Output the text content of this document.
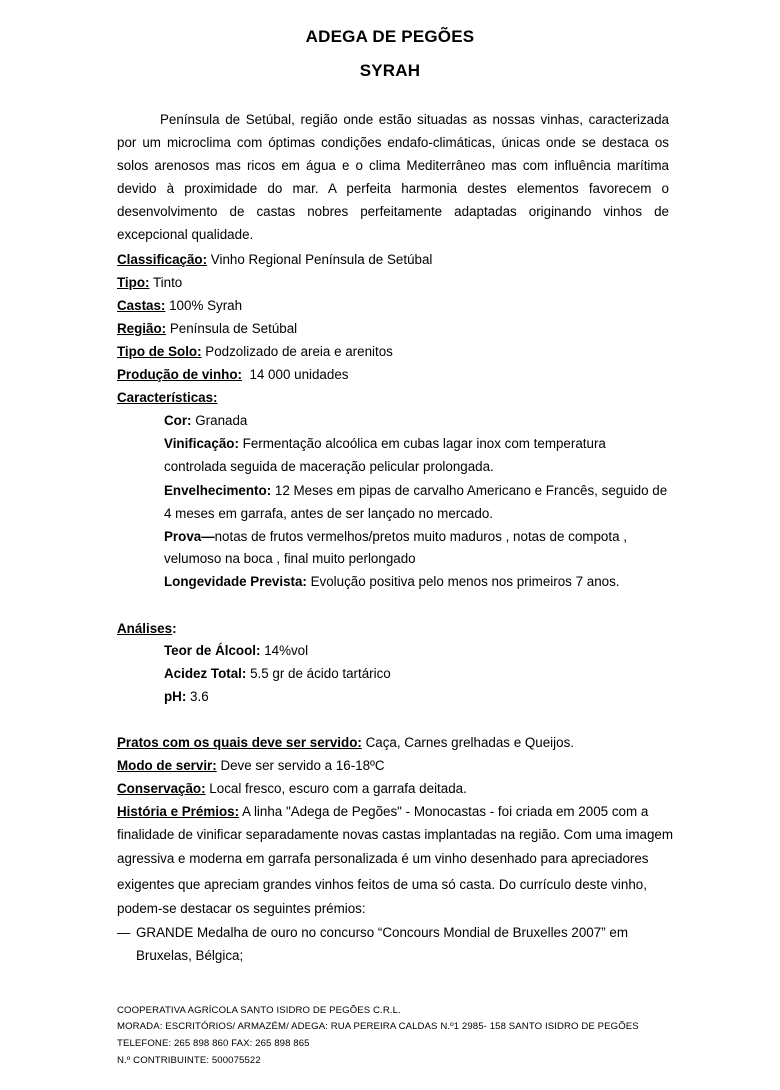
ADEGA DE PEGÕES
SYRAH

Península de Setúbal, região onde estão situadas as nossas vinhas, caracterizada por um microclima com óptimas condições endafo-climáticas, únicas onde se destaca os solos arenosos mas ricos em água e o clima Mediterrâneo mas com influência marítima devido à proximidade do mar. A perfeita harmonia destes elementos favorecem o desenvolvimento de castas nobres perfeitamente adaptadas originando vinhos de excepcional qualidade.

Classificação: Vinho Regional Península de Setúbal
Tipo: Tinto
Castas: 100% Syrah
Região: Península de Setúbal
Tipo de Solo: Podzolizado de areia e arenitos
Produção de vinho:  14 000 unidades
Características:
Cor: Granada
Vinificação: Fermentação alcoólica em cubas lagar inox com temperatura
controlada seguida de maceração pelicular prolongada.
Envelhecimento: 12 Meses em pipas de carvalho Americano e Francês, seguido de
4 meses em garrafa, antes de ser lançado no mercado.
Prova—notas de frutos vermelhos/pretos muito maduros , notas de compota ,
velumoso na boca , final muito perlongado
Longevidade Prevista: Evolução positiva pelo menos nos primeiros 7 anos.
Análises:
Teor de Álcool: 14%vol
Acidez Total: 5.5 gr de ácido tartárico
pH: 3.6
Pratos com os quais deve ser servido: Caça, Carnes grelhadas e Queijos.
Modo de servir: Deve ser servido a 16-18ºC
Conservação: Local fresco, escuro com a garrafa deitada.
História e Prémios: A linha "Adega de Pegões" - Monocastas - foi criada em 2005 com a
finalidade de vinificar separadamente novas castas implantadas na região. Com uma imagem
agressiva e moderna em garrafa personalizada é um vinho desenhado para apreciadores
exigentes que apreciam grandes vinhos feitos de uma só casta. Do currículo deste vinho,
podem-se destacar os seguintes prémios:
— GRANDE Medalha de ouro no concurso “Concours Mondial de Bruxelles 2007” em
Bruxelas, Bélgica;
COOPERATIVA AGRÍCOLA SANTO ISIDRO DE PEGÕES C.R.L.
MORADA: ESCRITÓRIOS/ ARMAZÉM/ ADEGA: RUA PEREIRA CALDAS N.º1 2985- 158 SANTO ISIDRO DE PEGÕES
TELEFONE: 265 898 860 FAX: 265 898 865
N.º CONTRIBUINTE: 500075522
